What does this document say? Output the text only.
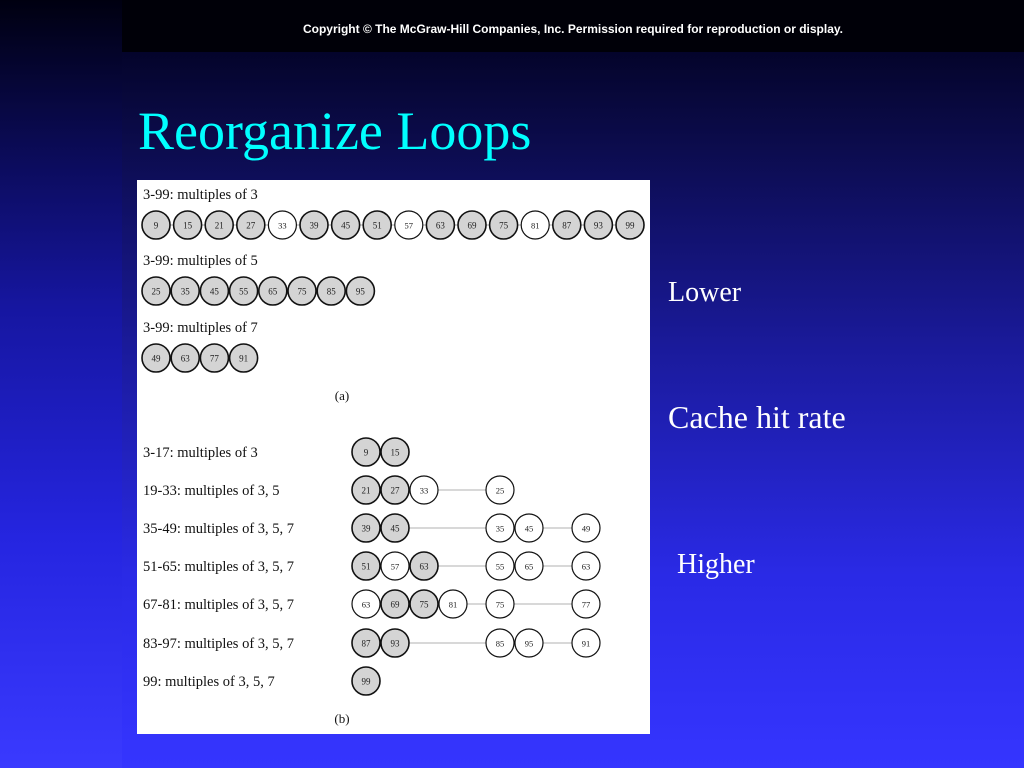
Copyright © The McGraw-Hill Companies, Inc. Permission required for reproduction or display.
Reorganize Loops
3-99: multiples of 3
9	15	21	27	33	39	45	51	57	63	69	75	81	87	93	99
3-99: multiples of 5
25 35 45 55 65 75 85 95
3-99: multiples of 7
49 63 77 91
(a)
3-17: multiples of 3	9 15
19-33: multiples of 3, 5	21 27 33	25
35-49: multiples of 3, 5, 7	39 45	35 45	49
51-65: multiples of 3, 5, 7	51 57 63	55 65	63
67-81: multiples of 3, 5, 7	63 69 75 81	75	77
83-97: multiples of 3, 5, 7	87 93	85 95	91
99: multiples of 3, 5, 7	99
(b)
Lower
Cache hit rate
Higher
